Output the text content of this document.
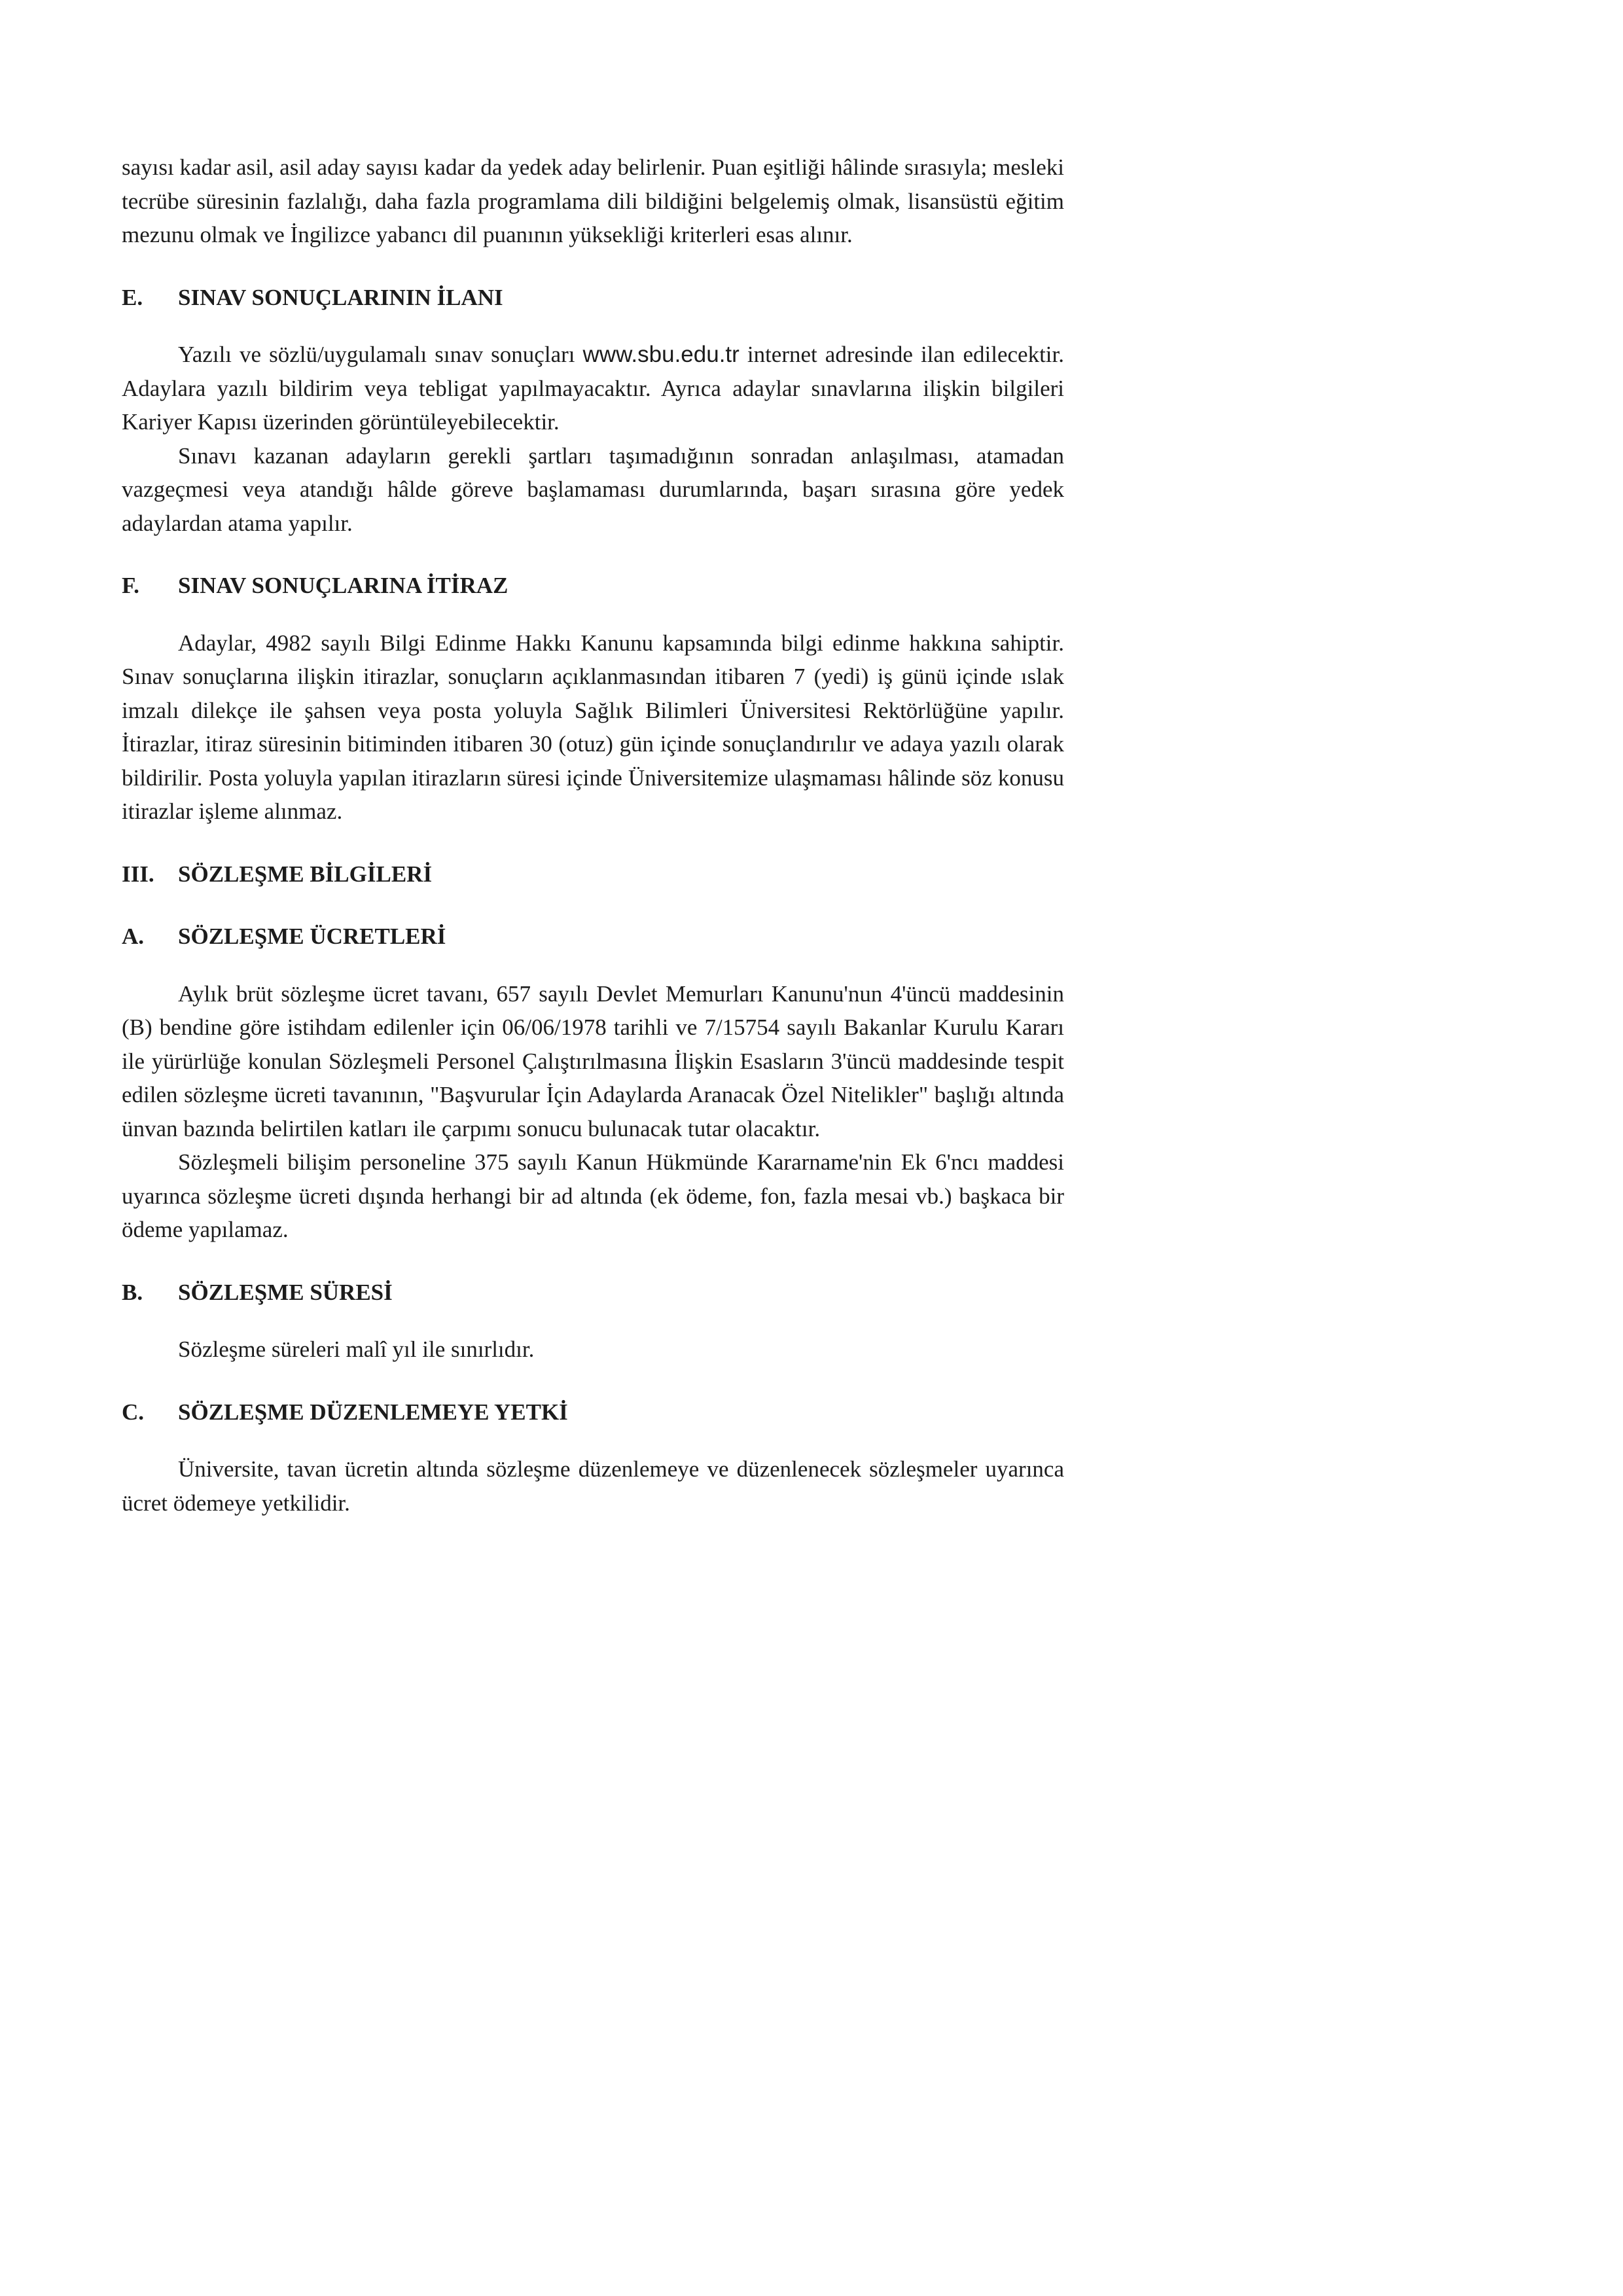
sayısı kadar asil, asil aday sayısı kadar da yedek aday belirlenir. Puan eşitliği hâlinde sırasıyla; mesleki tecrübe süresinin fazlalığı, daha fazla programlama dili bildiğini belgelemiş olmak, lisansüstü eğitim mezunu olmak ve İngilizce yabancı dil puanının yüksekliği kriterleri esas alınır.

E.	SINAV SONUÇLARININ İLANI

Yazılı ve sözlü/uygulamalı sınav sonuçları www.sbu.edu.tr internet adresinde ilan edilecektir. Adaylara yazılı bildirim veya tebligat yapılmayacaktır. Ayrıca adaylar sınavlarına ilişkin bilgileri Kariyer Kapısı üzerinden görüntüleyebilecektir.

Sınavı kazanan adayların gerekli şartları taşımadığının sonradan anlaşılması, atamadan vazgeçmesi veya atandığı hâlde göreve başlamaması durumlarında, başarı sırasına göre yedek adaylardan atama yapılır.

F.	SINAV SONUÇLARINA İTİRAZ

Adaylar, 4982 sayılı Bilgi Edinme Hakkı Kanunu kapsamında bilgi edinme hakkına sahiptir. Sınav sonuçlarına ilişkin itirazlar, sonuçların açıklanmasından itibaren 7 (yedi) iş günü içinde ıslak imzalı dilekçe ile şahsen veya posta yoluyla Sağlık Bilimleri Üniversitesi Rektörlüğüne yapılır. İtirazlar, itiraz süresinin bitiminden itibaren 30 (otuz) gün içinde sonuçlandırılır ve adaya yazılı olarak bildirilir. Posta yoluyla yapılan itirazların süresi içinde Üniversitemize ulaşmaması hâlinde söz konusu itirazlar işleme alınmaz.

III.	SÖZLEŞME BİLGİLERİ
A.	SÖZLEŞME ÜCRETLERİ

Aylık brüt sözleşme ücret tavanı, 657 sayılı Devlet Memurları Kanunu'nun 4'üncü maddesinin (B) bendine göre istihdam edilenler için 06/06/1978 tarihli ve 7/15754 sayılı Bakanlar Kurulu Kararı ile yürürlüğe konulan Sözleşmeli Personel Çalıştırılmasına İlişkin Esasların 3'üncü maddesinde tespit edilen sözleşme ücreti tavanının, "Başvurular İçin Adaylarda Aranacak Özel Nitelikler" başlığı altında ünvan bazında belirtilen katları ile çarpımı sonucu bulunacak tutar olacaktır.

Sözleşmeli bilişim personeline 375 sayılı Kanun Hükmünde Kararname'nin Ek 6'ncı maddesi uyarınca sözleşme ücreti dışında herhangi bir ad altında (ek ödeme, fon, fazla mesai vb.) başkaca bir ödeme yapılamaz.

B.	SÖZLEŞME SÜRESİ

Sözleşme süreleri malî yıl ile sınırlıdır.

C.	SÖZLEŞME DÜZENLEMEYE YETKİ

Üniversite, tavan ücretin altında sözleşme düzenlemeye ve düzenlenecek sözleşmeler uyarınca ücret ödemeye yetkilidir.
